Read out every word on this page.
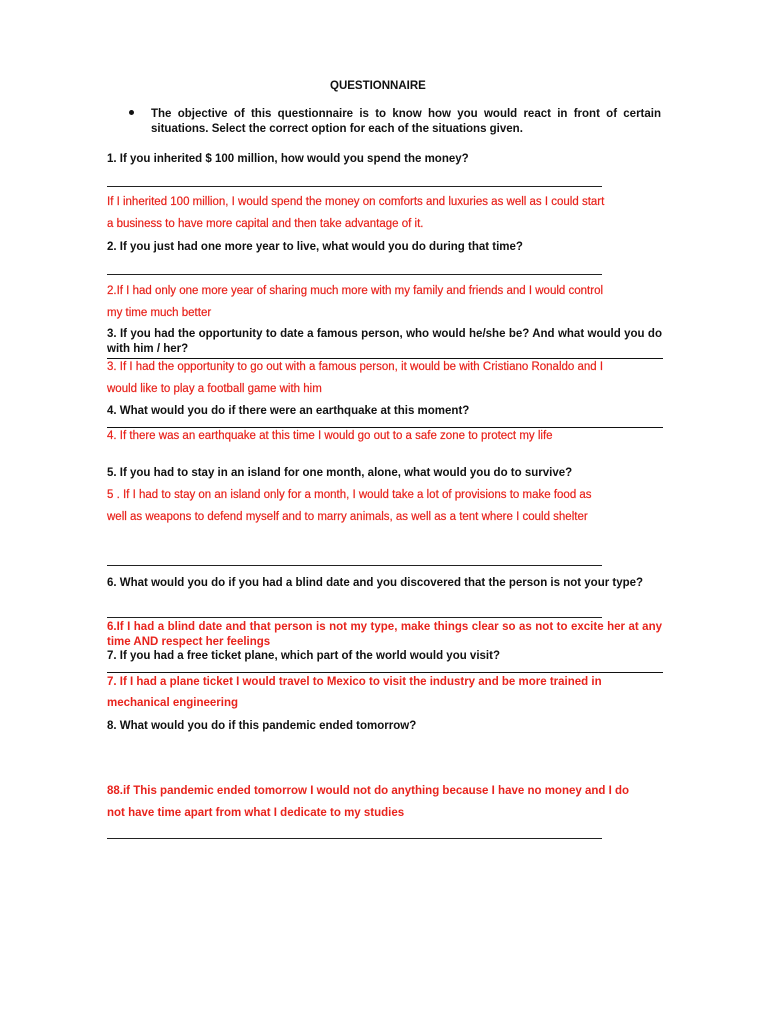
QUESTIONNAIRE
The objective of this questionnaire is to know how you would react in front of certain situations. Select the correct option for each of the situations given.
1. If you inherited $ 100 million, how would you spend the money?
If I inherited 100 million, I would spend the money on comforts and luxuries as well as I could start
a business to have more capital and then take advantage of it.
2. If you just had one more year to live, what would you do during that time?
2.If I had only one more year of sharing much more with my family and friends and I would control
my time much better
3. If you had the opportunity to date a famous person, who would he/she be? And what would you do with him / her?
3. If I had the opportunity to go out with a famous person, it would be with Cristiano Ronaldo and I
would like to play a football game with him
4. What would you do if there were an earthquake at this moment?
4. If there was an earthquake at this time I would go out to a safe zone to protect my life
5. If you had to stay in an island for one month, alone, what would you do to survive?
5 . If I had to stay on an island only for a month, I would take a lot of provisions to make food as
well as weapons to defend myself and to marry animals, as well as a tent where I could shelter
6. What would you do if you had a blind date and you discovered that the person is not your type?
6.If I had a blind date and that person is not my type, make things clear so as not to excite her at any time AND respect her feelings
7. If you had a free ticket plane, which part of the world would you visit?
7. If I had a plane ticket I would travel to Mexico to visit the industry and be more trained in
mechanical engineering
8. What would you do if this pandemic ended tomorrow?
88.if This pandemic ended tomorrow I would not do anything because I have no money and I do
not have time apart from what I dedicate to my studies
